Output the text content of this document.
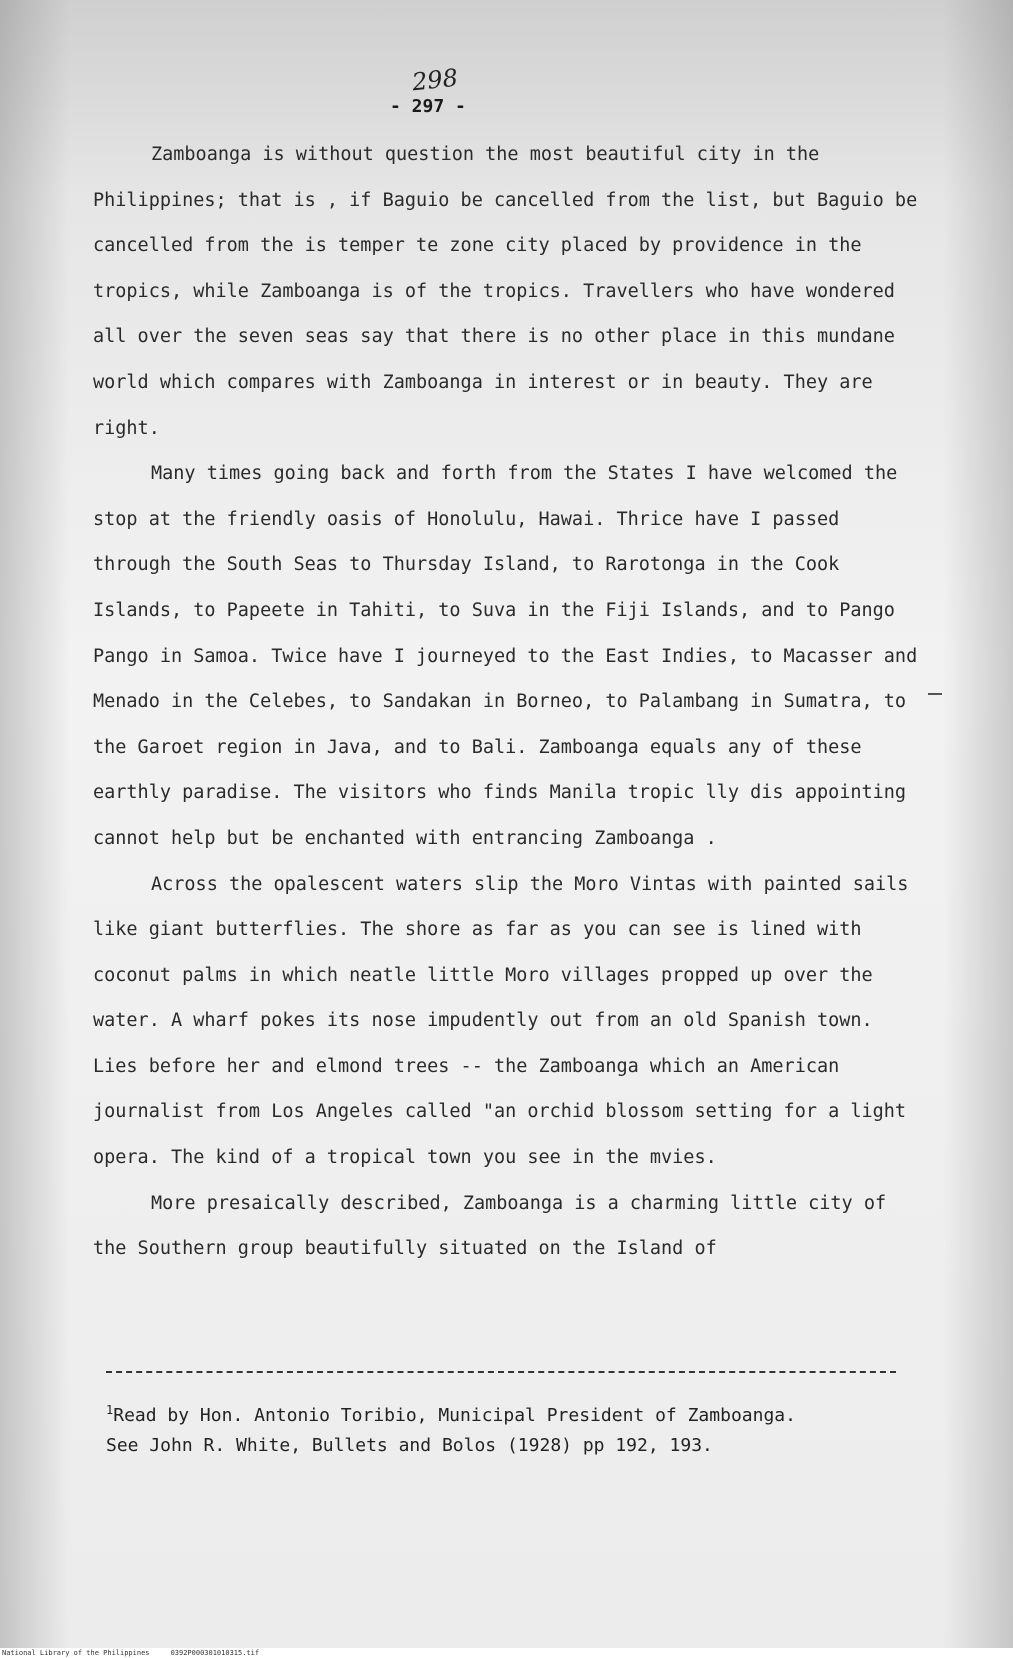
298
- 297 -

Zamboanga is without question the most beautiful city in the Philippines; that is , if Baguio be cancelled from the list, but Baguio be cancelled from the is temper te zone city placed by providence in the tropics, while Zamboanga is of the tropics. Travellers who have wondered all over the seven seas say that there is no other place in this mundane world which compares with Zamboanga in interest or in beauty. They are right.

Many times going back and forth from the States I have welcomed the stop at the friendly oasis of Honolulu, Hawai. Thrice have I passed through the South Seas to Thursday Island, to Rarotonga in the Cook Islands, to Papeete in Tahiti, to Suva in the Fiji Islands, and to Pango Pango in Samoa. Twice have I journeyed to the East Indies, to Macasser and Menado in the Celebes, to Sandakan in Borneo, to Palambang in Sumatra, to the Garoet region in Java, and to Bali. Zamboanga equals any of these earthly paradise. The visitors who finds Manila tropic lly dis appointing cannot help but be enchanted with entrancing Zamboanga .

Across the opalescent waters slip the Moro Vintas with painted sails like giant butterflies. The shore as far as you can see is lined with coconut palms in which neatle little Moro villages propped up over the water. A wharf pokes its nose impudently out from an old Spanish town. Lies before her and elmond trees -- the Zamboanga which an American journalist from Los Angeles called "an orchid blossom setting for a light opera. The kind of a tropical town you see in the mvies.

More presaically described, Zamboanga is a charming little city of the Southern group beautifully situated on the Island of

$^1$Read by Hon. Antonio Toribio, Municipal President of Zamboanga.
See John R. White, Bullets and Bolos (1928) pp 192, 193.
National Library of the Philippines     0392P000301010315.tif
